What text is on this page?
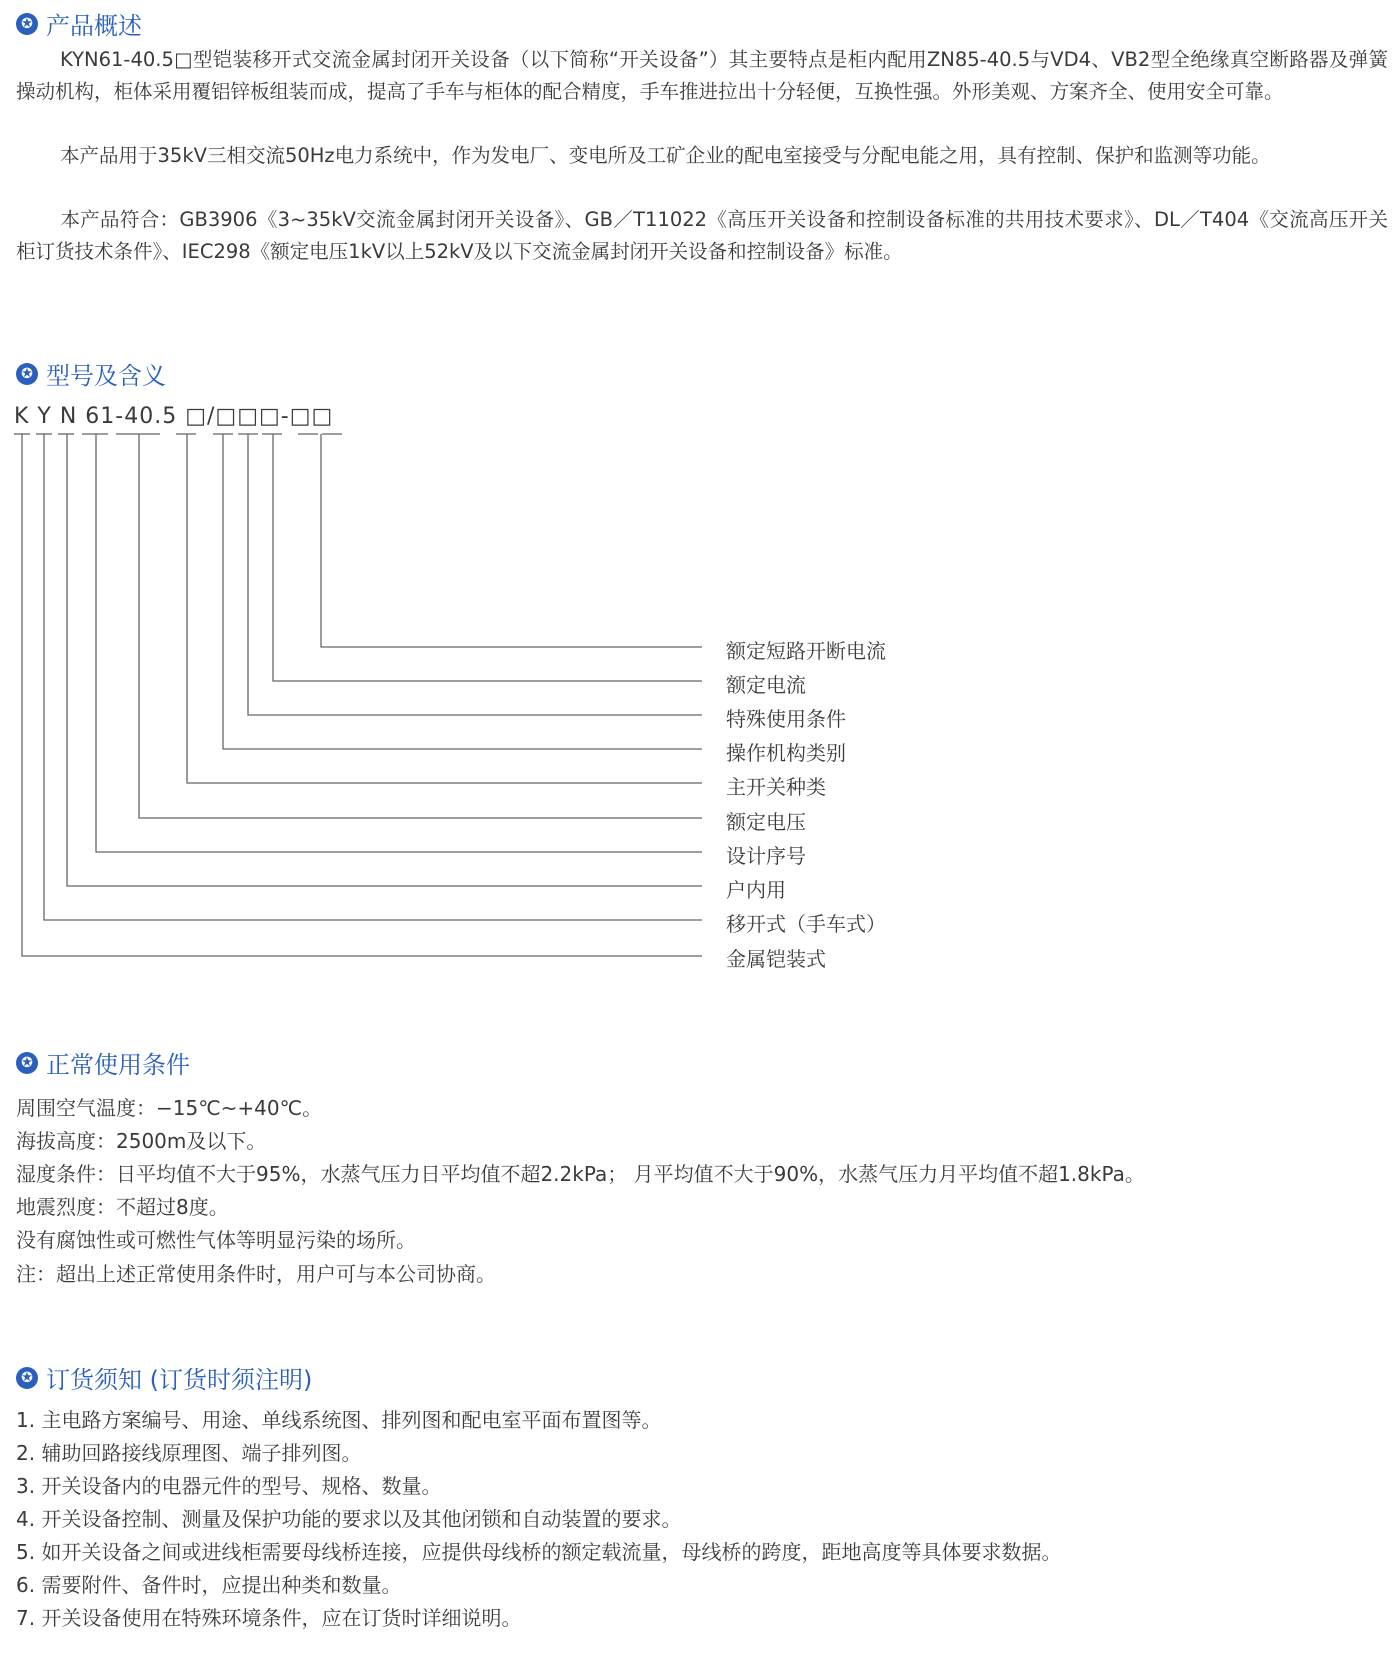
✪ 产品概述

KYN61-40.5□型铠装移开式交流金属封闭开关设备（以下简称“开关设备”）其主要特点是柜内配用ZN85-40.5与VD4、VB2型全绝缘真空断路器及弹簧操动机构，柜体采用覆铝锌板组装而成，提高了手车与柜体的配合精度，手车推进拉出十分轻便，互换性强。外形美观、方案齐全、使用安全可靠。

本产品用于35kV三相交流50Hz电力系统中，作为发电厂、变电所及工矿企业的配电室接受与分配电能之用，具有控制、保护和监测等功能。

本产品符合：GB3906《3~35kV交流金属封闭开关设备》、GB／T11022《高压开关设备和控制设备标准的共用技术要求》、DL／T404《交流高压开关柜订货技术条件》、IEC298《额定电压1kV以上52kV及以下交流金属封闭开关设备和控制设备》标准。

✪ 型号及含义
K Y N 61-40.5 □/□□□-□□
额定短路开断电流
额定电流
特殊使用条件
操作机构类别
主开关种类
额定电压
设计序号
户内用
移开式（手车式）
金属铠装式
✪ 正常使用条件

周围空气温度：−15℃~+40℃。

海拔高度：2500m及以下。

湿度条件：日平均值不大于95%，水蒸气压力日平均值不超2.2kPa； 月平均值不大于90%，水蒸气压力月平均值不超1.8kPa。

地震烈度：不超过8度。

没有腐蚀性或可燃性气体等明显污染的场所。

注：超出上述正常使用条件时，用户可与本公司协商。

✪ 订货须知 (订货时须注明)

1. 主电路方案编号、用途、单线系统图、排列图和配电室平面布置图等。

2. 辅助回路接线原理图、端子排列图。

3. 开关设备内的电器元件的型号、规格、数量。

4. 开关设备控制、测量及保护功能的要求以及其他闭锁和自动装置的要求。

5. 如开关设备之间或进线柜需要母线桥连接，应提供母线桥的额定载流量，母线桥的跨度，距地高度等具体要求数据。

6. 需要附件、备件时，应提出种类和数量。

7. 开关设备使用在特殊环境条件，应在订货时详细说明。
